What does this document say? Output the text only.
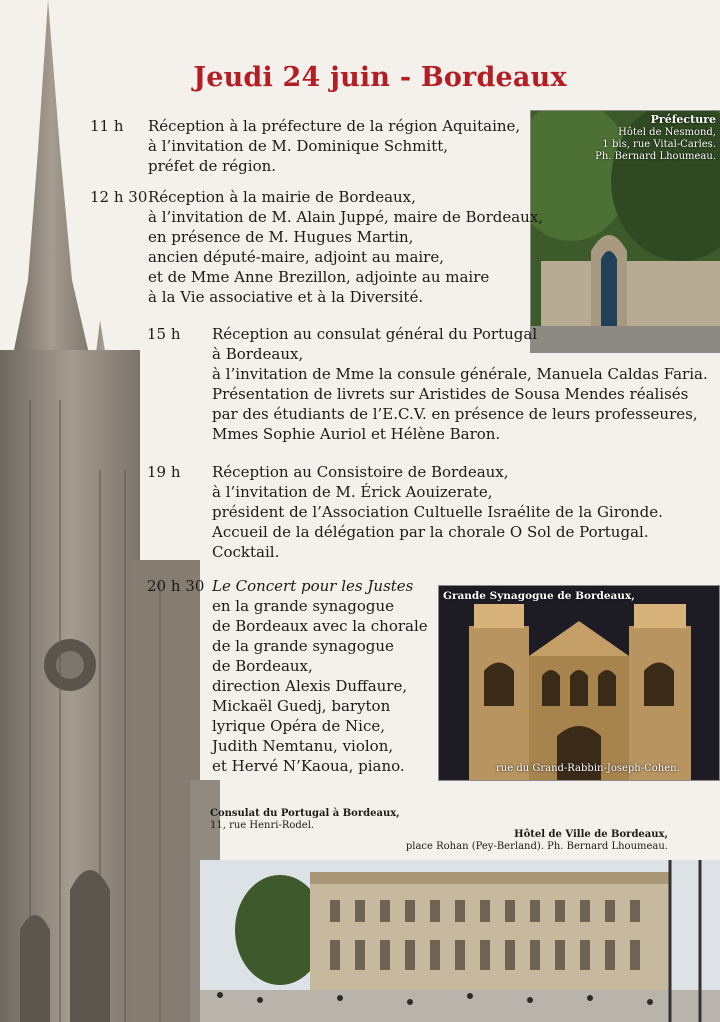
Préfecture
Hôtel de Nesmond,
1 bis, rue Vital-Carles.
Ph. Bernard Lhoumeau.
Grande Synagogue de Bordeaux,
rue du Grand-Rabbin-Joseph-Cohen.
Jeudi 24 juin - Bordeaux
11 h Réception à la préfecture de la région Aquitaine,
à l’invitation de M. Dominique Schmitt,
préfet de région.
12 h 30 Réception à la mairie de Bordeaux,
à l’invitation de M. Alain Juppé, maire de Bordeaux,
en présence de M. Hugues Martin,
ancien député-maire, adjoint au maire,
et de Mme Anne Brezillon, adjointe au maire
à la Vie associative et à la Diversité.
15 h Réception au consulat général du Portugal
à Bordeaux,
à l’invitation de Mme la consule générale, Manuela Caldas Faria.
Présentation de livrets sur Aristides de Sousa Mendes réalisés
par des étudiants de l’E.C.V. en présence de leurs professeures,
Mmes Sophie Auriol et Hélène Baron.
19 h Réception au Consistoire de Bordeaux,
à l’invitation de M. Érick Aouizerate,
président de l’Association Cultuelle Israélite de la Gironde.
Accueil de la délégation par la chorale O Sol de Portugal.
Cocktail.
20 h 30 Le Concert pour les Justes
en la grande synagogue
de Bordeaux avec la chorale
de la grande synagogue
de Bordeaux,
direction Alexis Duffaure,
Mickaël Guedj, baryton
lyrique Opéra de Nice,
Judith Nemtanu, violon,
et Hervé N’Kaoua, piano.
Consulat du Portugal à Bordeaux,
11, rue Henri-Rodel.
Hôtel de Ville de Bordeaux,
place Rohan (Pey-Berland). Ph. Bernard Lhoumeau.
